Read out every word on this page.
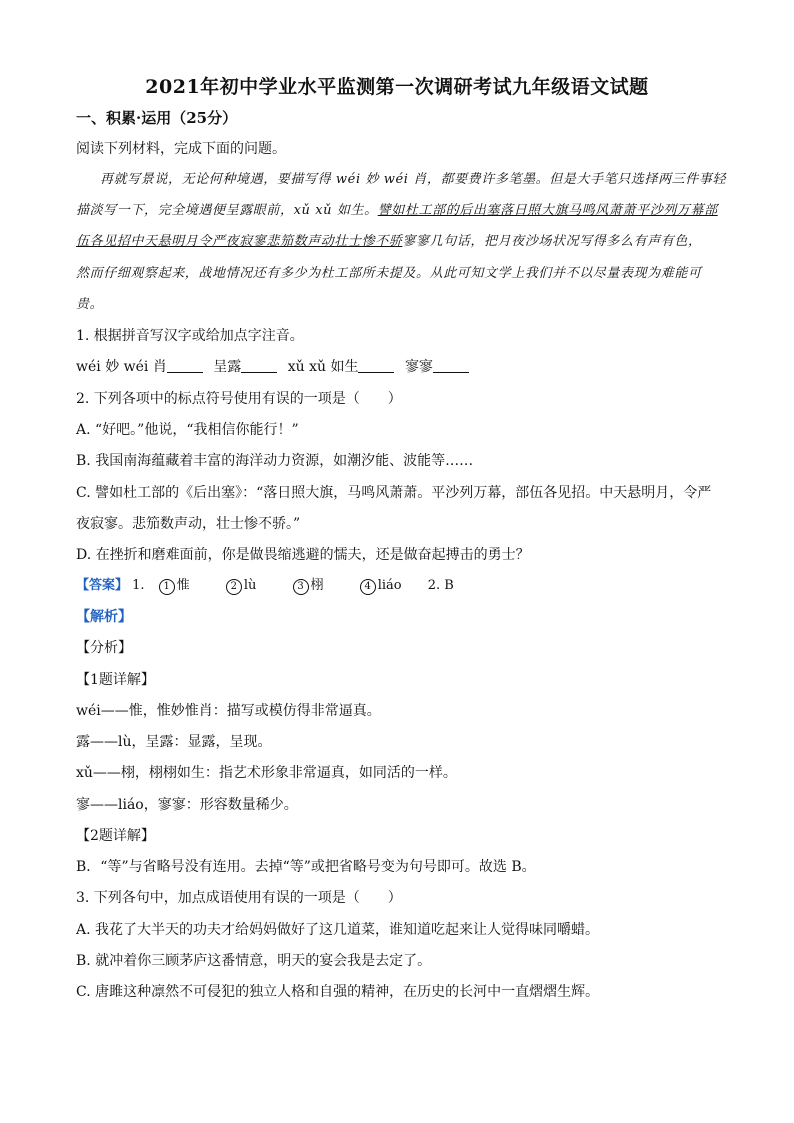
2021年初中学业水平监测第一次调研考试九年级语文试题
一、积累·运用（25分）
阅读下列材料，完成下面的问题。
再就写景说，无论何种境遇，要描写得 wéi 妙 wéi 肖，都要费许多笔墨。但是大手笔只选择两三件事轻
描淡写一下，完全境遇便呈露眼前，xǔ xǔ 如生。譬如杜工部的后出塞落日照大旗马鸣风萧萧平沙列万幕部
伍各见招中天悬明月令严夜寂寥悲笳数声动壮士惨不骄寥寥几句话，把月夜沙场状况写得多么有声有色，
然而仔细观察起来，战地情况还有多少为杜工部所未提及。从此可知文学上我们并不以尽量表现为难能可
贵。
1. 根据拼音写汉字或给加点字注音。
wéi 妙 wéi 肖	呈露	xǔ xǔ 如生	寥寥
2. 下列各项中的标点符号使用有误的一项是（　　）
A. “好吧。”他说，“我相信你能行！”
B. 我国南海蕴藏着丰富的海洋动力资源，如潮汐能、波能等……
C. 譬如杜工部的《后出塞》：“落日照大旗，马鸣风萧萧。平沙列万幕，部伍各见招。中天悬明月，令严
夜寂寥。悲笳数声动，壮士惨不骄。”
D. 在挫折和磨难面前，你是做畏缩逃避的懦夫，还是做奋起搏击的勇士？
【答案】 1. 1 惟	2 lù	3 栩	4 liáo 2. B
【解析】
【分析】
【1题详解】
wéi——惟，惟妙惟肖：描写或模仿得非常逼真。
露——lù，呈露：显露，呈现。
xǔ——栩，栩栩如生：指艺术形象非常逼真，如同活的一样。
寥——liáo，寥寥：形容数量稀少。
【2题详解】
B．“等”与省略号没有连用。去掉“等”或把省略号变为句号即可。故选 B。
3. 下列各句中，加点成语使用有误的一项是（　　）
A. 我花了大半天的功夫才给妈妈做好了这几道菜，谁知道吃起来让人觉得味同嚼蜡。
B. 就冲着你三顾茅庐这番情意，明天的宴会我是去定了。
C. 唐雎这种凛然不可侵犯的独立人格和自强的精神，在历史的长河中一直熠熠生辉。
